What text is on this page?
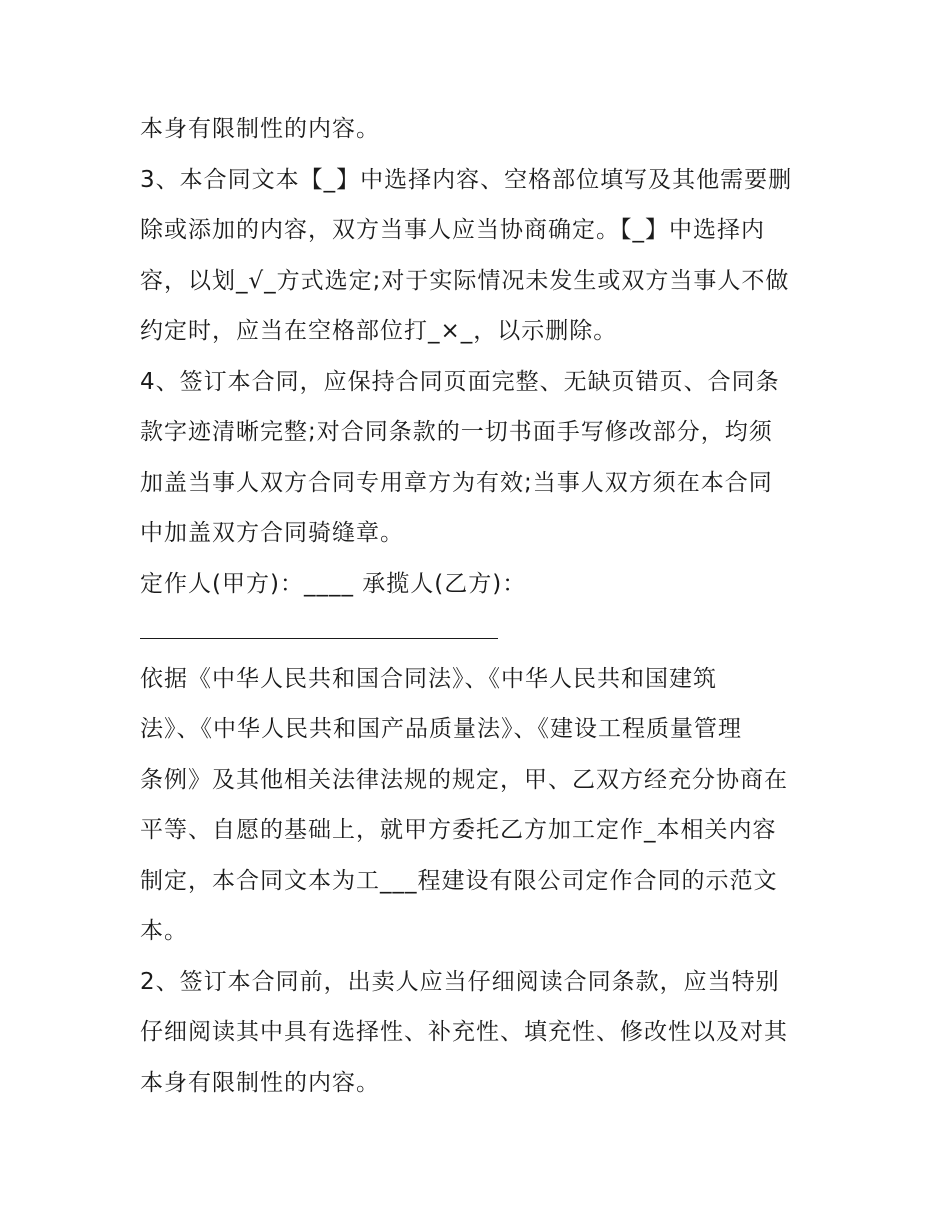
本身有限制性的内容。
3、本合同文本【_】中选择内容、空格部位填写及其他需要删
除或添加的内容，双方当事人应当协商确定。【_】中选择内
容，以划_√_方式选定;对于实际情况未发生或双方当事人不做
约定时，应当在空格部位打_×_，以示删除。
4、签订本合同，应保持合同页面完整、无缺页错页、合同条
款字迹清晰完整;对合同条款的一切书面手写修改部分，均须
加盖当事人双方合同专用章方为有效;当事人双方须在本合同
中加盖双方合同骑缝章。
定作人(甲方)：____ 承揽人(乙方)：
依据《中华人民共和国合同法》、《中华人民共和国建筑
法》、《中华人民共和国产品质量法》、《建设工程质量管理
条例》及其他相关法律法规的规定，甲、乙双方经充分协商在
平等、自愿的基础上，就甲方委托乙方加工定作_本相关内容
制定，本合同文本为工___程建设有限公司定作合同的示范文
本。
2、签订本合同前，出卖人应当仔细阅读合同条款，应当特别
仔细阅读其中具有选择性、补充性、填充性、修改性以及对其
本身有限制性的内容。
